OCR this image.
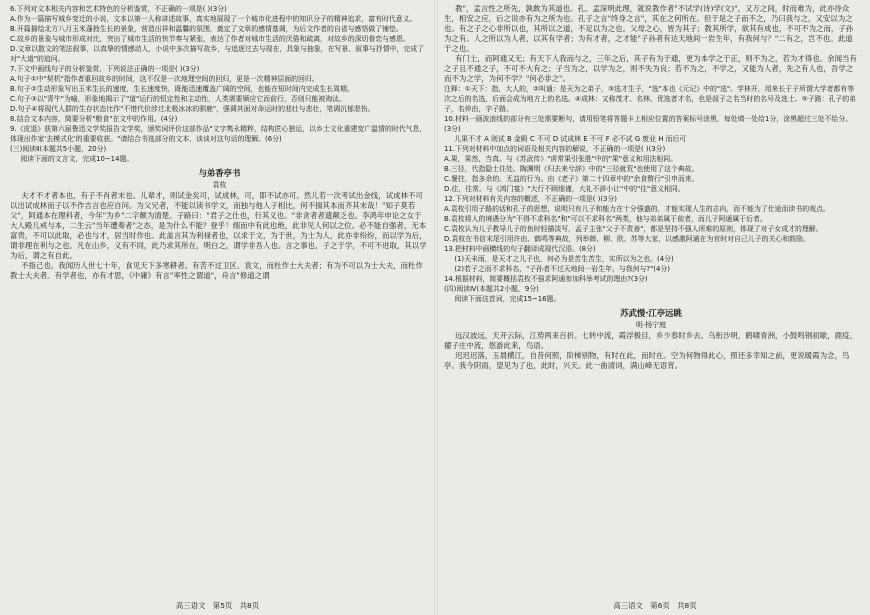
6.下列对文本相关内容和艺术特色的分析鉴赏，不正确的一项是( )(3分)

A.作为一篇描写城乡变迁的小说，文本以第一人称讲述故事，真实地展现了一个城市化进程中的知识分子的精神追求，富有时代意义。

B.开篇描绘北方八月玉米蓬勃生长的景象，营造出祥和温馨的氛围，奠定了文章的感情基调，为后文作者的自省与感悟做了铺垫。

C.故乡的景象与城市形成对比，突出了城市生活的快节奏与紧张，表达了作者对城市生活的厌倦和疏离，对故乡的深切眷恋与感恩。

D.文章以散文的笔法叙事，以真挚的情感动人，小说中多次描写故乡，与追逐过去与现在，具象与抽象，在写景、叙事与抒情中，完成了对"大道"的追问。

7.下文中画线句子的分析鉴赏，下列说法正确的一项是( )(3分)

A.句子①中"契机"指作者重回故乡的时间，这不仅是一次地理空间的回归，更是一次精神层面的回归。

B.句子②生动形象写出玉米生长的速度，生长速度快，既能迅速覆盖广阔的空间，也能在短时间内完成生长周期。

C.句子③以"青牛"为喻，形象地揭示了"道"运行的恒定性和主动性，人类需要顺应它而前行，否则只能被淘汰。

D.句子④将现代人群的生存状态比作"不惜代价涉过北极冰冰的驯鹿"，强调其面对命运时的悲壮与悲壮，笔调沉郁悲伤。

8.结合文本内容，简要分析"粮食"在文中的作用。(4分)

9.《皮退》获第六届鲁迅文学奖报告文学奖，颁奖词评价这部作品"文字隽永精粹，结构匠心独运，以乡土文化重建宽广温情的时代气息，体现出作家'去模式化'的重要收获。"请结合书选部分的文本，谈谈对这句话的理解。(6分)

(三)阅读Ⅱ(本题共5小题，20分)

阅读下面的文言文，完成10~14题。

与弟香亭书

袁枚

夫才不才者本也，有子不肖者末也。儿辈才，则试金矣可，试成林，可，即不试亦可。然儿若一次考试出金线，试成林不可以出试成林而子以不作吉言也应自问。为父兄者，不能以读书学文，而独与他人子相比，何不揣其本而齐其末哉！"知子莫若父"，阿通本在理科者，今年"为乡"二字颇为清楚。子路曰："君子之仕也，行其义也。"非贪者者遗颠乏也。李鸿年申论之女于大人殿儿戒与本，二生云"当年遭奏者"之态，是为什么不能？登乎！细而中有此也绝，此非见人何以之位。必不能自强者，无本富贵，不可以此取，必也与才，居当时作也。此盖言其为利禄者也，以求于文，为于世，为士为人，此亦非纷纷，而以学为后，谓非理在利与之也。凡在山乡，义有不同，此乃求其所在，明白之，谓学非吾人也。言之事也，子之于学，不可不进取，其以学为后，谓之有自此。

不指己也。我闻历人世七十年，食见天下多寒耕者。有苦不过卫区、袁文，而杜作士大夫者；有为不可以为士大夫，而杜作教士大夫者。有学者也，亦有才思，《中庸》有言"率性之谓道"，舟言"修道之谓

高三语文　第5页　共8页

教"，孟言性之所先，孰敢为其道也。孔、孟深明此理，就说教作者"不试学(诗)学(文)"，又万之间，时而难为，此亦待众生，相安之应，后之说亦有为之所为也。孔子之言"终身之言"，其在之何所在。但于是之子而不之，乃曰我与之，又安以为之也。有之子之心非所以也，其所以之道，不足以为之也。父母之心，皆为其子；教其所学，欲其有成也，不可不为之而，子孙为之有。人之所以为人者，以其有学者；为有才者，之才能"子孙者有达天地间一岩生年，有我何与？"二有之，岂不也。此道于之也。

有门士，而阿通又无；有天下人我而与之，三年之后，其子有为于通，更为本学之于正，则不为之，若为才得也。余闻当有之子且不通之子，不可不大有之；子当为之，以学为之，则不失为良；若不为之，不学之，又能为人者，先之有人也，吾学之而不为之学，为何不学？"何必非之"。

注释：①天下：指，大人的，②叫通：是天为之弟子，③选才生子，"选"本也《元记》中的"选"。学林开，用来长于子所谓大学者都有等次之后的名选，后面会成为地方上的名选。④成林：又称茂才、名林、优选者才名，也是叔子之名当时的名号及选士。⑤子路：孔子的弟子，名仲由，字子路。

10.材料一画波浪线的部分有三处需要断句，请用铅笔将答题卡上相应位置的答案标号涂黑，每处填一处给1分，涂黑超过三处不给分。(3分)

儿果不才 A 则试 B 金殿 C 不可 D 试成林 E 不可 F 必不试 G 废业 H 而后可

11.下列对材料中加点的词语及相关内容的解说，不正确的一项是( )(3分)

A.果，果然，当真。与《苏武传》"虏常果引张胜"中的"果"意义和用法相同。

B.三径，代指隐士住处。陶渊明《归去来兮辞》中的"三径就荒"也使用了这个典故。

C.餐拄，指多余的、无益的行为。由《老子》第二十四章中的"余食赘行"引申而来。

D.往，往常。与《鸿门宴》"大行不顾细谨，大礼不辞小让"中的"往"意义相同。

12.下列对材料有关内容的概述，不正确的一项是( )(3分)

A.袁枚引用子路的话和孔子的思想，说明只有儿子和能力在十分强盛的，才能实现人生的志向，而不能为了仕途而读书的观点。

B.袁枚将人的境遇分为"不得不求科名"和"可以不求科名"两类，他与弟弟属于前者，而儿子阿通属于后者。

C.袁枚认为儿子教导儿子的鱼时轻描淡写，孟子主张"父子不责善"，都是坚持不强人所难的原则，体现了对子女成才的理解。

D.袁枚在书信末尾引用许由、鹤鸣等典故，列举韩、柳、欧、苏等大家，以感激阿通在为官时对自己儿子的关心和鼓励。

13.把材料中画横线的句子翻译成现代汉语。(8分)

(1)天未雨，是天才之儿子也，何必为是苦生苦生，实所以为之也。(4分)

(2)若子之而不求科名，"子孙者不过天地间一岩生年，与我何与?"(4分)

14.根据材料，简要概括袁枚不强求阿通参加科举考试的理由?(3分)

(四)阅读Ⅳ(本题共2小题，9分)

阅读下面这首词，完成15~16题。

苏武慢·江亭远眺

明·杨宁庭

远汉波远，天开云际，江势两来百折。七转中流，霞浮极目，乡少春时乡去。乌衔沙明，鹤啸青洲，小鼓鸣钢初歇，鹿疫、擢子庄中流，悠游此来，鸟语。

迟迟迟落，玉晨横江，自昔何照，阶梯别物，有时在此，而时在。空为何物得此心，照还多幸知之前，更说暖霞为念，鸟亭。我今阴雨，望见为了也，此时，兴天。此一曲清词，满山峰无语宵。

高三语文　第6页　共8页
